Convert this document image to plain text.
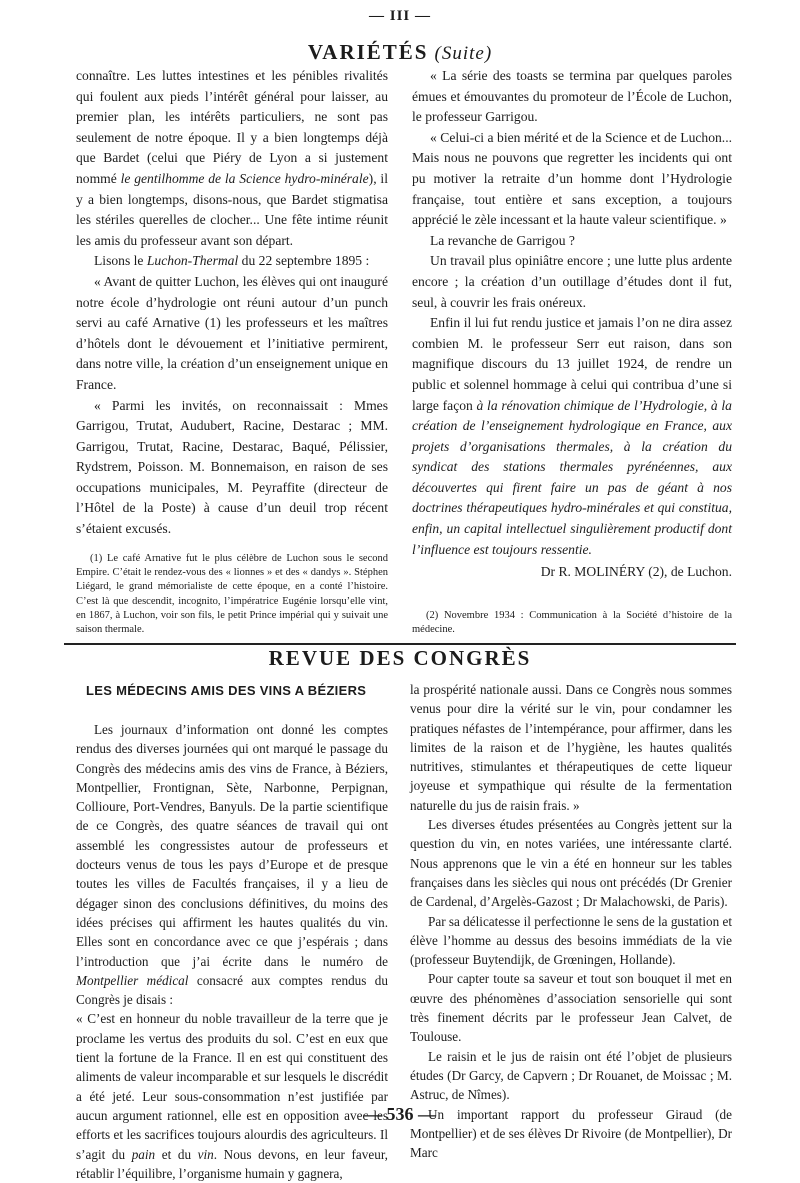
— III —
VARIÉTÉS (Suite)

connaître. Les luttes intestines et les pénibles rivalités qui foulent aux pieds l’intérêt général pour laisser, au premier plan, les intérêts particuliers, ne sont pas seulement de notre époque. Il y a bien longtemps déjà que Bardet (celui que Piéry de Lyon a si justement nommé le gentilhomme de la Science hydro-minérale), il y a bien longtemps, disons-nous, que Bardet stigmatisa les stériles querelles de clocher... Une fête intime réunit les amis du professeur avant son départ.

Lisons le Luchon-Thermal du 22 septembre 1895 :

« Avant de quitter Luchon, les élèves qui ont inauguré notre école d’hydrologie ont réuni autour d’un punch servi au café Arnative (1) les professeurs et les maîtres d’hôtels dont le dévouement et l’initiative permirent, dans notre ville, la création d’un enseignement unique en France.

« Parmi les invités, on reconnaissait : Mmes Garrigou, Trutat, Audubert, Racine, Destarac ; MM. Garrigou, Trutat, Racine, Destarac, Baqué, Pélissier, Rydstrem, Poisson. M. Bonnemaison, en raison de ses occupations municipales, M. Peyraffite (directeur de l’Hôtel de la Poste) à cause d’un deuil trop récent s’étaient excusés.

« La série des toasts se termina par quelques paroles émues et émouvantes du promoteur de l’École de Luchon, le professeur Garrigou.

« Celui-ci a bien mérité et de la Science et de Luchon... Mais nous ne pouvons que regretter les incidents qui ont pu motiver la retraite d’un homme dont l’Hydrologie française, tout entière et sans exception, a toujours apprécié le zèle incessant et la haute valeur scientifique. »

La revanche de Garrigou ?

Un travail plus opiniâtre encore ; une lutte plus ardente encore ; la création d’un outillage d’études dont il fut, seul, à couvrir les frais onéreux.

Enfin il lui fut rendu justice et jamais l’on ne dira assez combien M. le professeur Serr eut raison, dans son magnifique discours du 13 juillet 1924, de rendre un public et solennel hommage à celui qui contribua d’une si large façon à la rénovation chimique de l’Hydrologie, à la création de l’enseignement hydrologique en France, aux projets d’organisations thermales, à la création du syndicat des stations thermales pyrénéennes, aux découvertes qui firent faire un pas de géant à nos doctrines thérapeutiques hydro-minérales et qui constitua, enfin, un capital intellectuel singulièrement productif dont l’influence est toujours ressentie.

Dr R. MOLINÉRY (2), de Luchon.

(1) Le café Arnative fut le plus célèbre de Luchon sous le second Empire. C’était le rendez-vous des « lionnes » et des « dandys ». Stéphen Liégard, le grand mémorialiste de cette époque, en a conté l’histoire. C’est là que descendit, incognito, l’impératrice Eugénie lorsqu’elle vint, en 1867, à Luchon, voir son fils, le petit Prince impérial qui y suivait une saison thermale.

(2) Novembre 1934 : Communication à la Société d’histoire de la médecine.

REVUE DES CONGRÈS
LES MÉDECINS AMIS DES VINS A BÉZIERS

Les journaux d’information ont donné les comptes rendus des diverses journées qui ont marqué le passage du Congrès des médecins amis des vins de France, à Béziers, Montpellier, Frontignan, Sète, Narbonne, Perpignan, Collioure, Port-Vendres, Banyuls. De la partie scientifique de ce Congrès, des quatre séances de travail qui ont assemblé les congressistes autour de professeurs et docteurs venus de tous les pays d’Europe et de presque toutes les villes de Facultés françaises, il y a lieu de dégager sinon des conclusions définitives, du moins des idées précises qui affirment les hautes qualités du vin. Elles sont en concordance avec ce que j’espérais ; dans l’introduction que j’ai écrite dans le numéro de Montpellier médical consacré aux comptes rendus du Congrès je disais :

« C’est en honneur du noble travailleur de la terre que je proclame les vertus des produits du sol. C’est en eux que tient la fortune de la France. Il en est qui constituent des aliments de valeur incomparable et sur lesquels le discrédit a été jeté. Leur sous-consommation n’est justifiée par aucun argument rationnel, elle est en opposition avec les efforts et les sacrifices toujours alourdis des agriculteurs. Il s’agit du pain et du vin. Nous devons, en leur faveur, rétablir l’équilibre, l’organisme humain y gagnera,

la prospérité nationale aussi. Dans ce Congrès nous sommes venus pour dire la vérité sur le vin, pour condamner les pratiques néfastes de l’intempérance, pour affirmer, dans les limites de la raison et de l’hygiène, les hautes qualités nutritives, stimulantes et thérapeutiques de cette liqueur joyeuse et sympathique qui résulte de la fermentation naturelle du jus de raisin frais. »

Les diverses études présentées au Congrès jettent sur la question du vin, en notes variées, une intéressante clarté. Nous apprenons que le vin a été en honneur sur les tables françaises dans les siècles qui nous ont précédés (Dr Grenier de Cardenal, d’Argelès-Gazost ; Dr Malachowski, de Paris).

Par sa délicatesse il perfectionne le sens de la gustation et élève l’homme au dessus des besoins immédiats de la vie (professeur Buytendijk, de Grœningen, Hollande).

Pour capter toute sa saveur et tout son bouquet il met en œuvre des phénomènes d’association sensorielle qui sont très finement décrits par le professeur Jean Calvet, de Toulouse.

Le raisin et le jus de raisin ont été l’objet de plusieurs études (Dr Garcy, de Capvern ; Dr Rouanet, de Moissac ; M. Astruc, de Nîmes).

Un important rapport du professeur Giraud (de Montpellier) et de ses élèves Dr Rivoire (de Montpellier), Dr Marc

— 536 —
